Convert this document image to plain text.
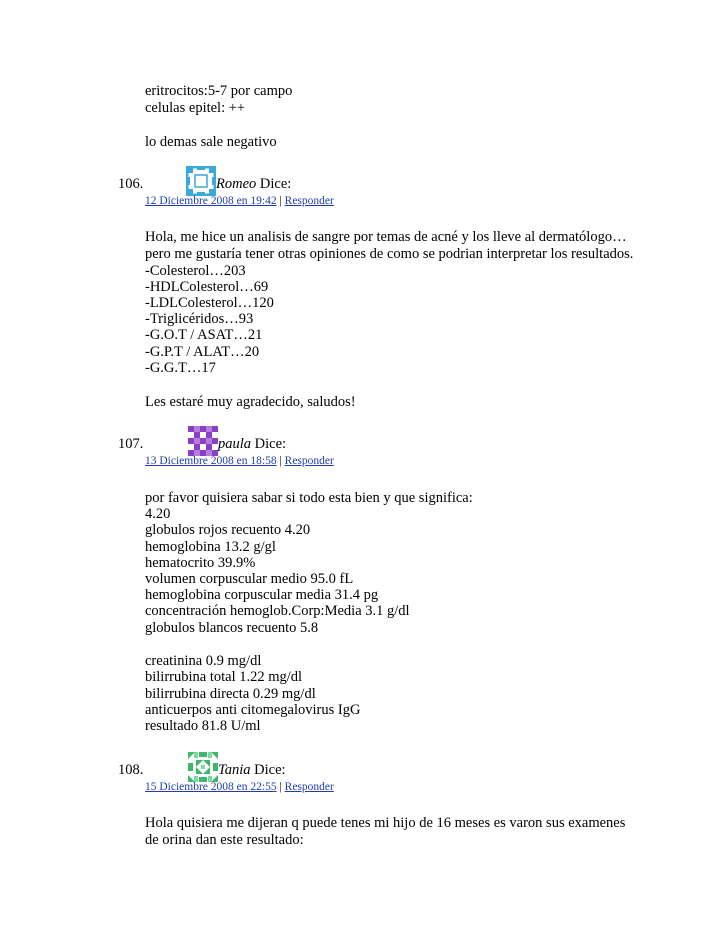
eritrocitos:5-7 por campo
celulas epitel: ++
lo demas sale negativo
106.	Romeo Dice:
12 Diciembre 2008 en 19:42 | Responder
Hola, me hice un analisis de sangre por temas de acné y los lleve al dermatólogo…
pero me gustaría tener otras opiniones de como se podrian interpretar los resultados.
-Colesterol…203
-HDLColesterol…69
-LDLColesterol…120
-Triglicéridos…93
-G.O.T / ASAT…21
-G.P.T / ALAT…20
-G.G.T…17
Les estaré muy agradecido, saludos!
107.	paula Dice:
13 Diciembre 2008 en 18:58 | Responder
por favor quisiera sabar si todo esta bien y que significa:
4.20
globulos rojos recuento 4.20
hemoglobina 13.2 g/gl
hematocrito 39.9%
volumen corpuscular medio 95.0 fL
hemoglobina corpuscular media 31.4 pg
concentración hemoglob.Corp:Media 3.1 g/dl
globulos blancos recuento 5.8
creatinina 0.9 mg/dl
bilirrubina total 1.22 mg/dl
bilirrubina directa 0.29 mg/dl
anticuerpos anti citomegalovirus IgG
resultado 81.8 U/ml
108.	Tania Dice:
15 Diciembre 2008 en 22:55 | Responder
Hola quisiera me dijeran q puede tenes mi hijo de 16 meses es varon sus examenes
de orina dan este resultado:
